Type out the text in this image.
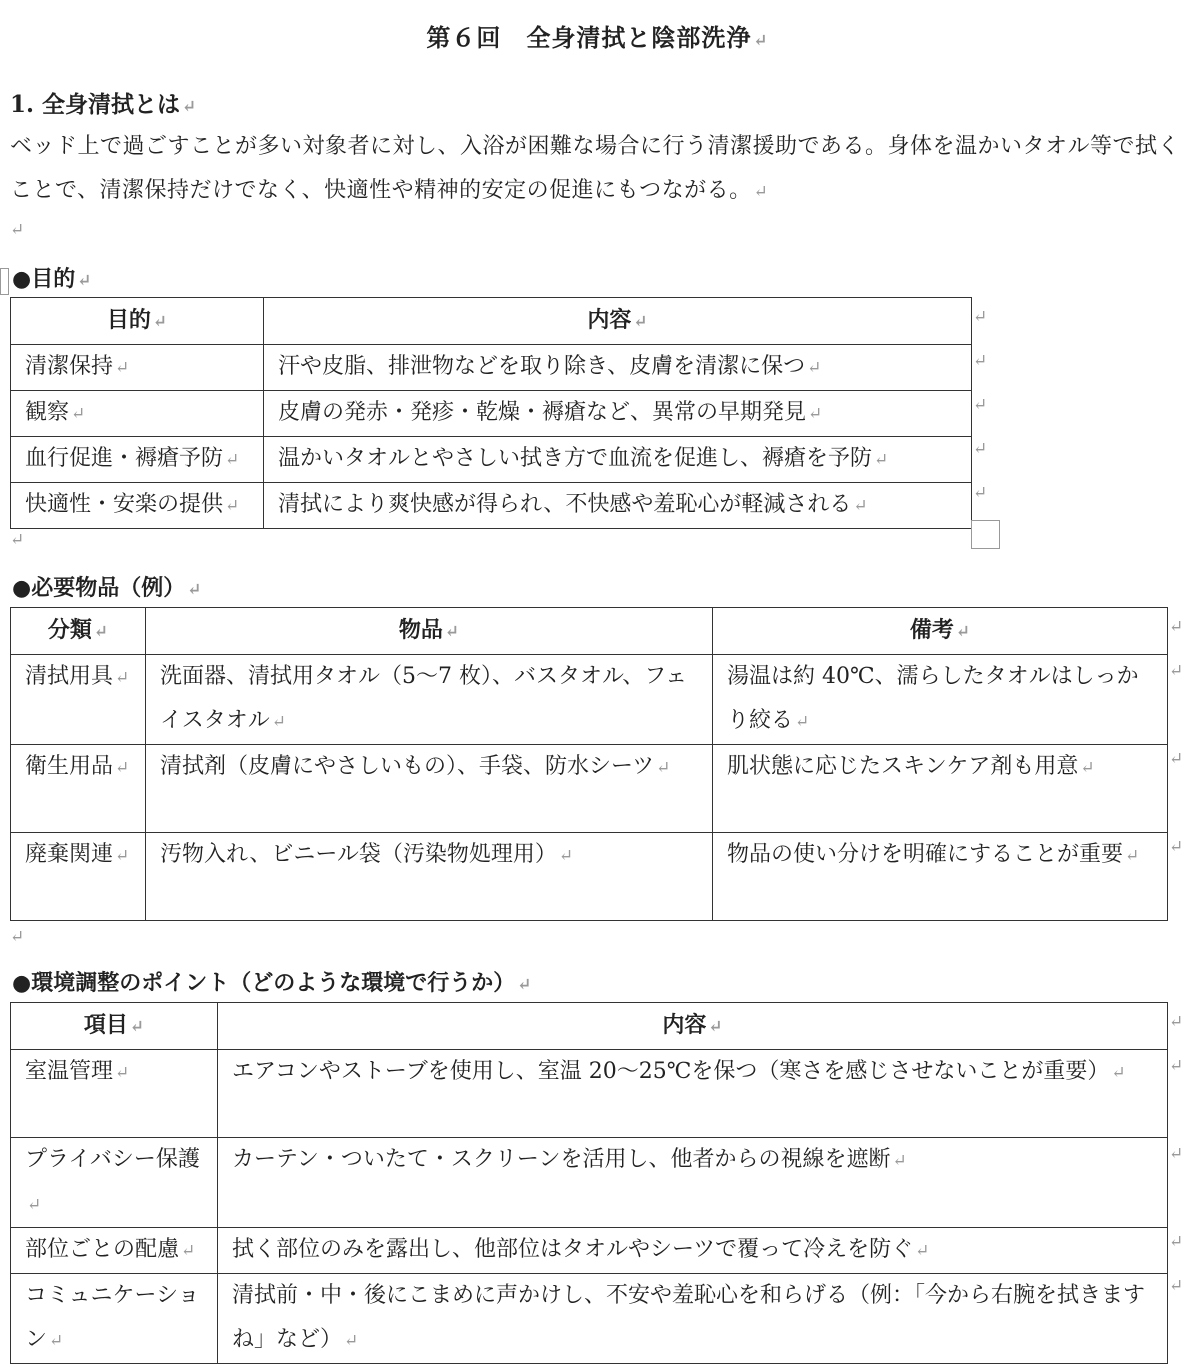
第６回　全身清拭と陰部洗浄 ↵
1. 全身清拭とは ↵
ベッド上で過ごすことが多い対象者に対し、入浴が困難な場合に行う清潔援助である。身体を温かいタオル等で拭くことで、清潔保持だけでなく、快適性や精神的安定の促進にもつながる。 ↵
↵
●目的 ↵
目的 ↵	内容 ↵
清潔保持 ↵	汗や皮脂、排泄物などを取り除き、皮膚を清潔に保つ ↵
観察 ↵	皮膚の発赤・発疹・乾燥・褥瘡など、異常の早期発見 ↵
血行促進・褥瘡予防 ↵	温かいタオルとやさしい拭き方で血流を促進し、褥瘡を予防 ↵
快適性・安楽の提供 ↵	清拭により爽快感が得られ、不快感や羞恥心が軽減される ↵
↵
●必要物品（例） ↵
分類 ↵	物品 ↵	備考 ↵
清拭用具 ↵	洗面器、清拭用タオル（5〜7 枚）、バスタオル、フェイスタオル ↵	湯温は約 40℃、濡らしたタオルはしっかり絞る ↵
衛生用品 ↵	清拭剤（皮膚にやさしいもの）、手袋、防水シーツ ↵	肌状態に応じたスキンケア剤も用意 ↵
廃棄関連 ↵	汚物入れ、ビニール袋（汚染物処理用） ↵	物品の使い分けを明確にすることが重要 ↵
↵
●環境調整のポイント（どのような環境で行うか） ↵
項目 ↵	内容 ↵
室温管理 ↵	エアコンやストーブを使用し、室温 20〜25℃を保つ（寒さを感じさせないことが重要） ↵
プライバシー保護↵	カーテン・ついたて・スクリーンを活用し、他者からの視線を遮断 ↵
部位ごとの配慮 ↵	拭く部位のみを露出し、他部位はタオルやシーツで覆って冷えを防ぐ ↵
コミュニケーション ↵	清拭前・中・後にこまめに声かけし、不安や羞恥心を和らげる（例：「今から右腕を拭きますね」など） ↵
↵
↵
↵
↵
↵
↵
↵
↵
↵
↵
↵
↵
↵
↵
